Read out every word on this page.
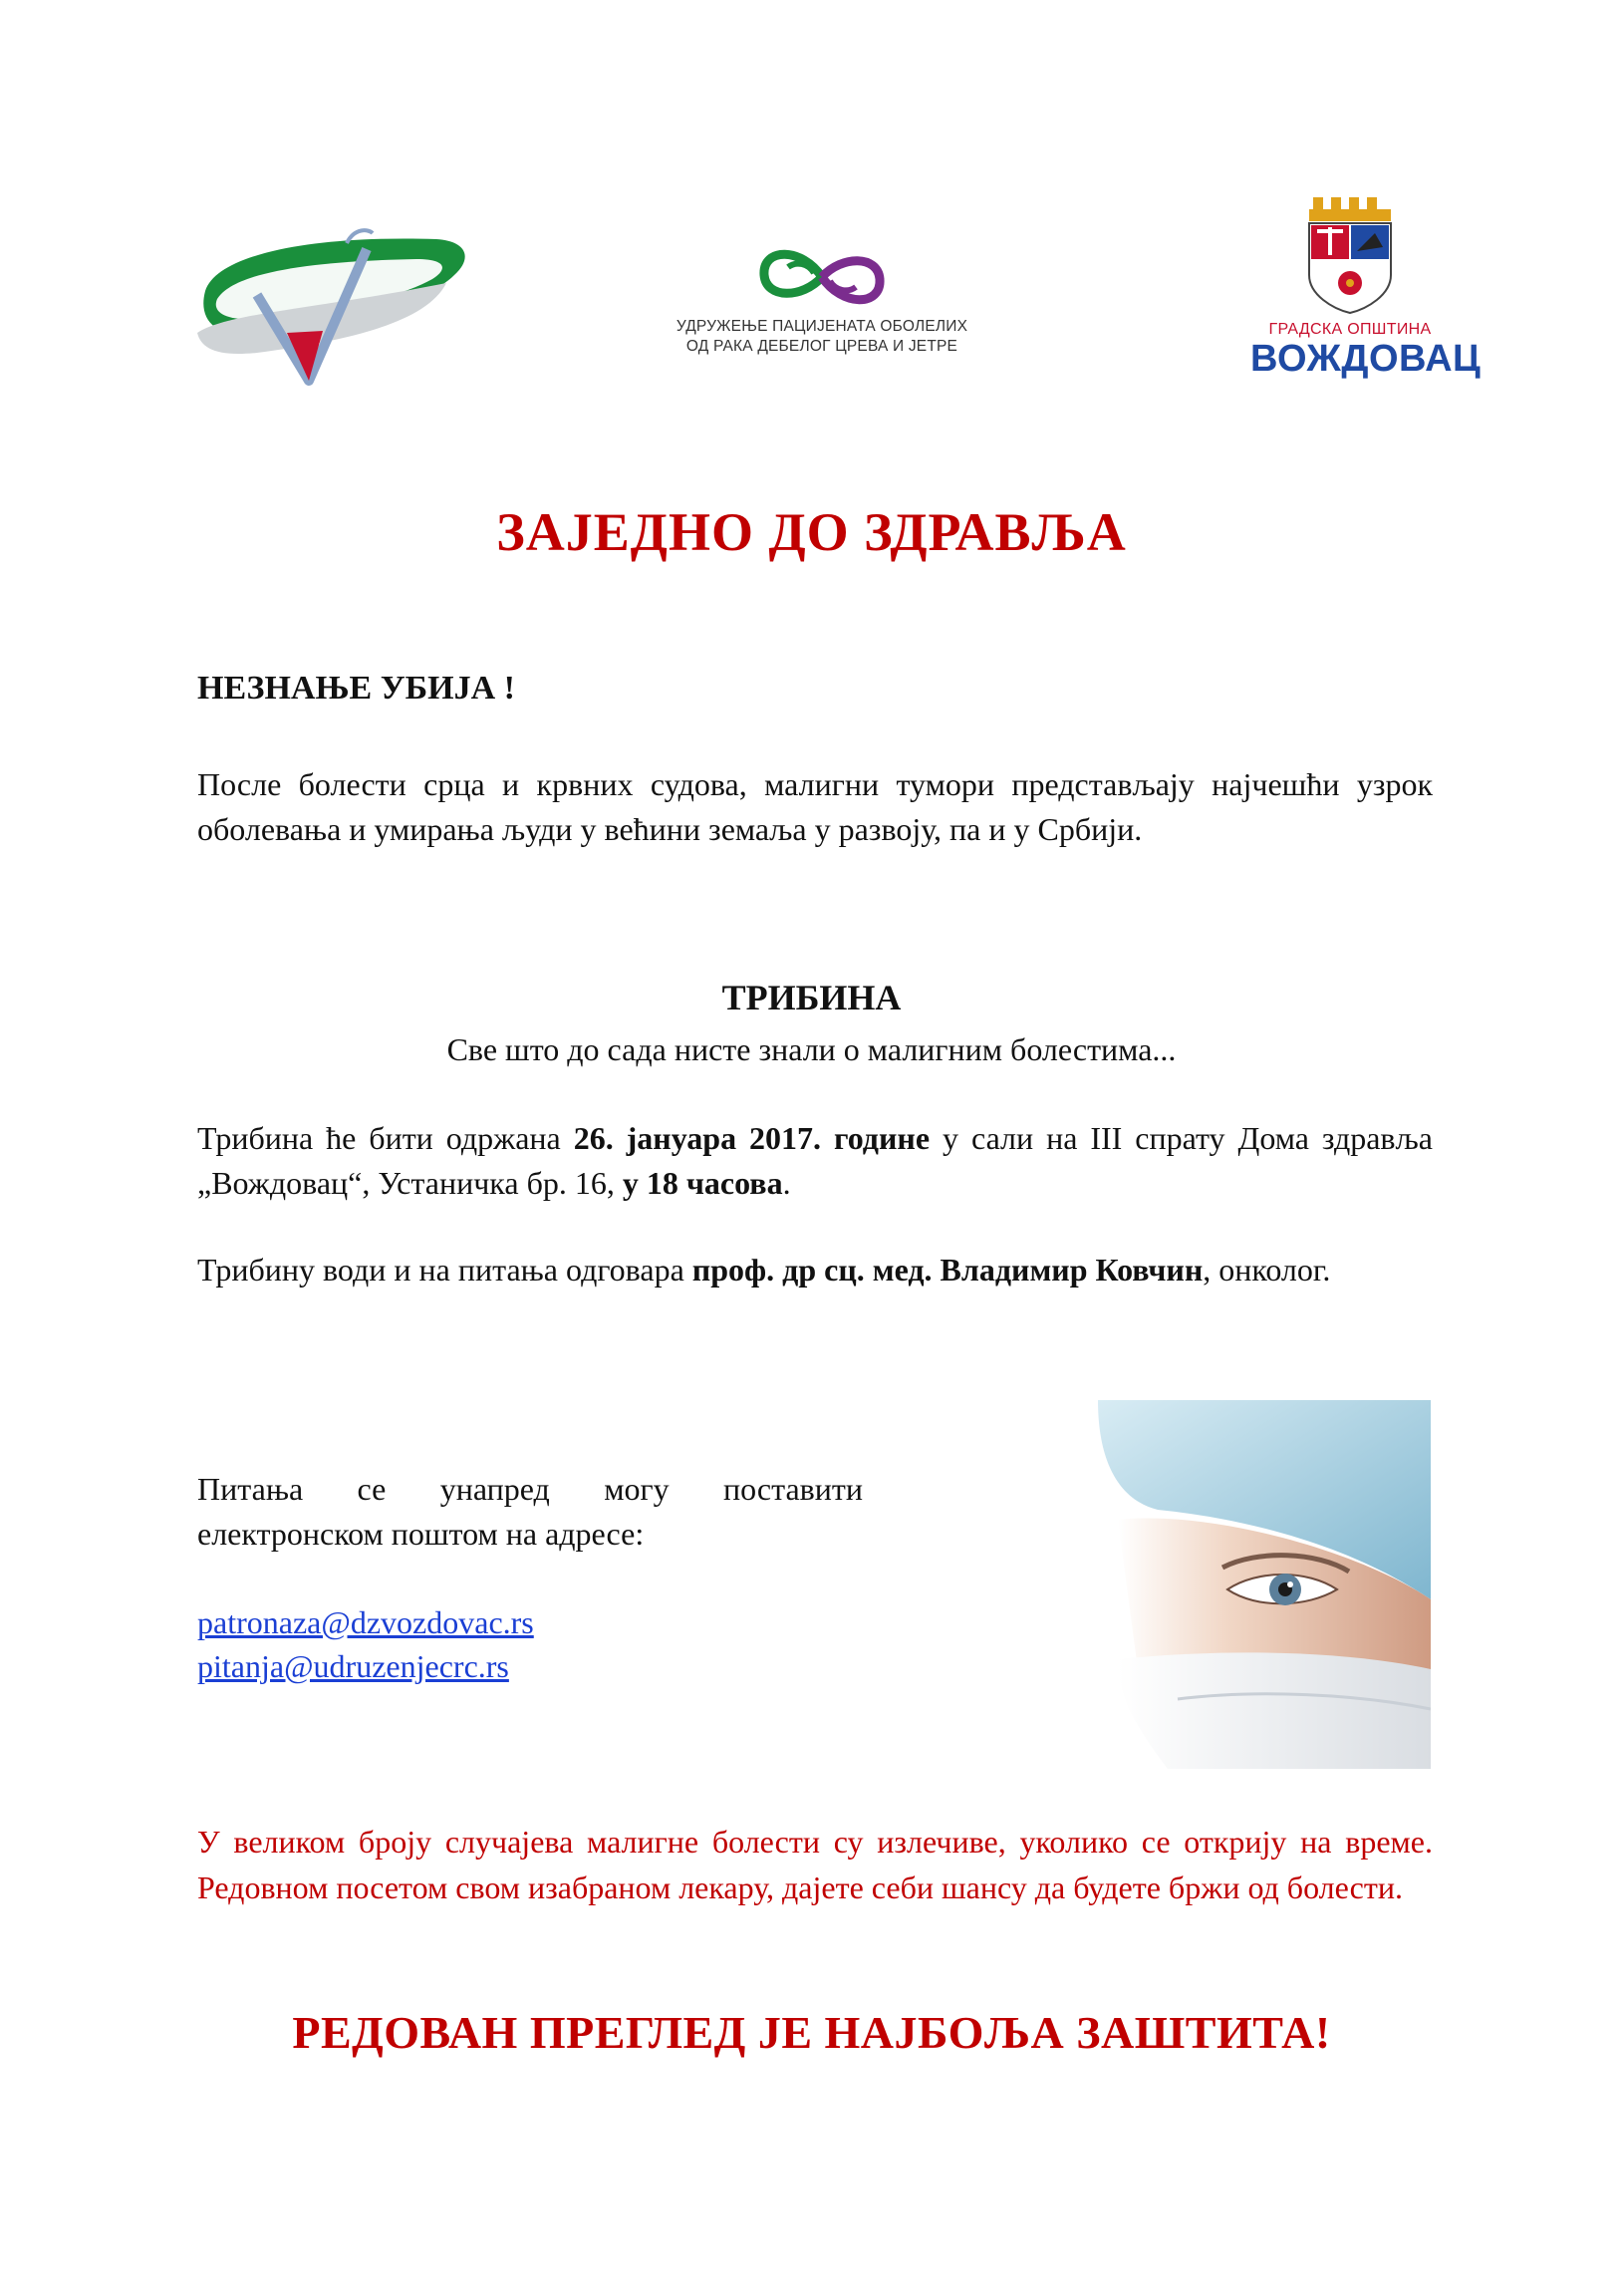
УДРУЖЕЊЕ ПАЦИЈЕНАТА ОБОЛЕЛИХ
ОД РАКА ДЕБЕЛОГ ЦРЕВА И ЈЕТРЕ
ГРАДСКА ОПШТИНА
ВОЖДОВАЦ
ЗАЈЕДНО ДО ЗДРАВЉА
НЕЗНАЊЕ УБИЈА !
После болести срца и крвних судова, малигни тумори представљају најчешћи узрок оболевања и умирања људи у већини земаља у развоју, па и у Србији.
ТРИБИНА
Све што до сада нисте знали о малигним болестима...
Трибина ће бити одржана 26. јануара 2017. године у сали на III спрату Дома здравља „Вождовац“, Устаничка бр. 16, у 18 часова.
Трибину води и на питања одговара проф. др сц. мед. Владимир Ковчин, онколог.
Питања се унапред могу поставити електронском поштом на адресе:
patronaza@dzvozdovac.rs
pitanja@udruzenjecrc.rs
У великом броју случајева малигне болести су излечиве, уколико се открију на време. Редовном посетом свом изабраном лекару, дајете себи шансу да будете бржи од болести.
РЕДОВАН ПРЕГЛЕД ЈЕ НАЈБОЉА ЗАШТИТА!
